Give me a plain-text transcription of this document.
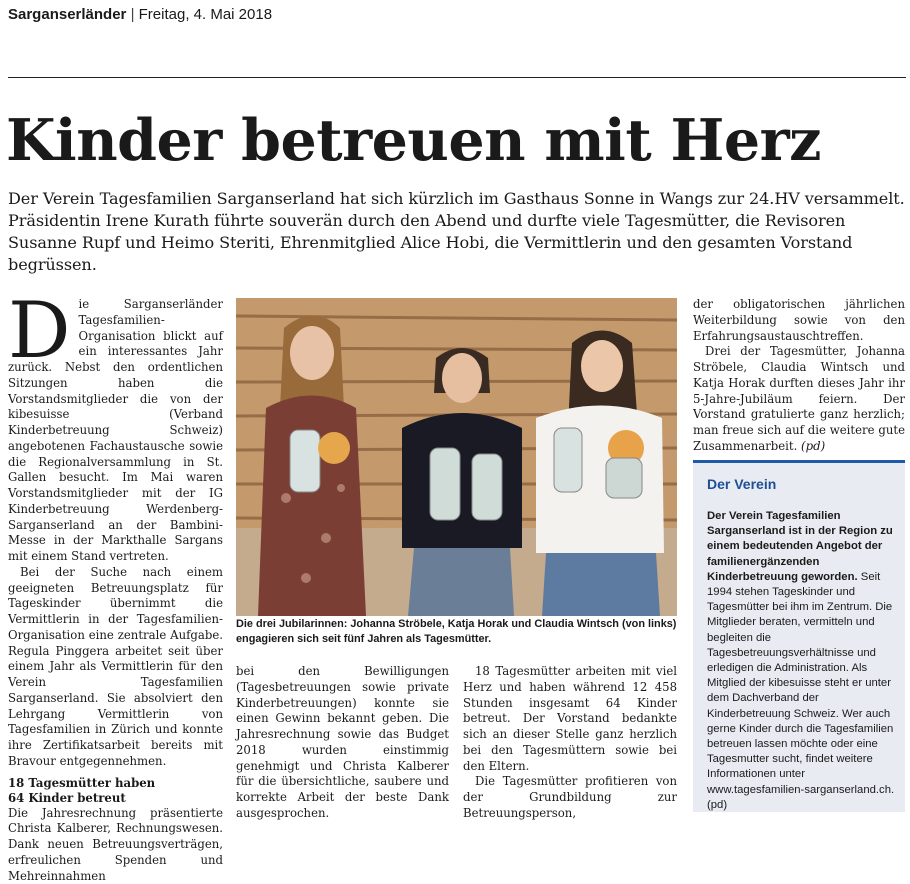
Sarganserländer | Freitag, 4. Mai 2018
Kinder betreuen mit Herz
Der Verein Tagesfamilien Sarganserland hat sich kürzlich im Gasthaus Sonne in Wangs zur 24.HV versammelt. Präsidentin Irene Kurath führte souverän durch den Abend und durfte viele Tagesmütter, die Revisoren Susanne Rupf und Heimo Steriti, Ehrenmitglied Alice Hobi, die Vermittlerin und den gesamten Vorstand begrüssen.

D ie Sarganserländer Tagesfamilien-Organisation blickt auf ein interessantes Jahr zurück. Nebst den ordentlichen Sitzungen haben die Vorstandsmitglieder die von der kibesuisse (Verband Kinderbetreuung Schweiz) angebotenen Fachaustausche sowie die Regionalversammlung in St. Gallen besucht. Im Mai waren Vorstandsmitglieder mit der IG Kinderbetreuung Werdenberg-Sarganserland an der Bambini-Messe in der Markthalle Sargans mit einem Stand vertreten.

Bei der Suche nach einem geeigneten Betreuungsplatz für Tageskinder übernimmt die Vermittlerin in der Tagesfamilien-Organisation eine zentrale Aufgabe. Regula Pinggera arbeitet seit über einem Jahr als Vermittlerin für den Verein Tagesfamilien Sarganserland. Sie absolviert den Lehrgang Vermittlerin von Tagesfamilien in Zürich und konnte ihre Zertifikatsarbeit bereits mit Bravour entgegennehmen.

18 Tagesmütter haben
64 Kinder betreut

Die Jahresrechnung präsentierte Christa Kalberer, Rechnungswesen. Dank neuen Betreuungsverträgen, erfreulichen Spenden und Mehreinnahmen

Die drei Jubilarinnen: Johanna Ströbele, Katja Horak und Claudia Wintsch (von links) engagieren sich seit fünf Jahren als Tagesmütter.

bei den Bewilligungen (Tagesbetreuungen sowie private Kinderbetreuungen) konnte sie einen Gewinn bekannt geben. Die Jahresrechnung sowie das Budget 2018 wurden einstimmig genehmigt und Christa Kalberer für die übersichtliche, saubere und korrekte Arbeit der beste Dank ausgesprochen.

18 Tagesmütter arbeiten mit viel Herz und haben während 12 458 Stunden insgesamt 64 Kinder betreut. Der Vorstand bedankte sich an dieser Stelle ganz herzlich bei den Tagesmüttern sowie bei den Eltern.

Die Tagesmütter profitieren von der Grundbildung zur Betreuungsperson,

der obligatorischen jährlichen Weiterbildung sowie von den Erfahrungsaustauschtreffen.

Drei der Tagesmütter, Johanna Ströbele, Claudia Wintsch und Katja Horak durften dieses Jahr ihr 5-Jahre-Jubiläum feiern. Der Vorstand gratulierte ganz herzlich; man freue sich auf die weitere gute Zusammenarbeit. (pd)

Der Verein
Der Verein Tagesfamilien Sarganserland ist in der Region zu einem bedeutenden Angebot der familienergänzenden Kinderbetreuung geworden. Seit 1994 stehen Tageskinder und Tagesmütter bei ihm im Zentrum. Die Mitglieder beraten, vermitteln und begleiten die Tagesbetreuungsverhältnisse und erledigen die Administration. Als Mitglied der kibesuisse steht er unter dem Dachverband der Kinderbetreuung Schweiz. Wer auch gerne Kinder durch die Tagesfamilien betreuen lassen möchte oder eine Tagesmutter sucht, findet weitere Informationen unter www.tagesfamilien-sarganserland.ch. (pd)
